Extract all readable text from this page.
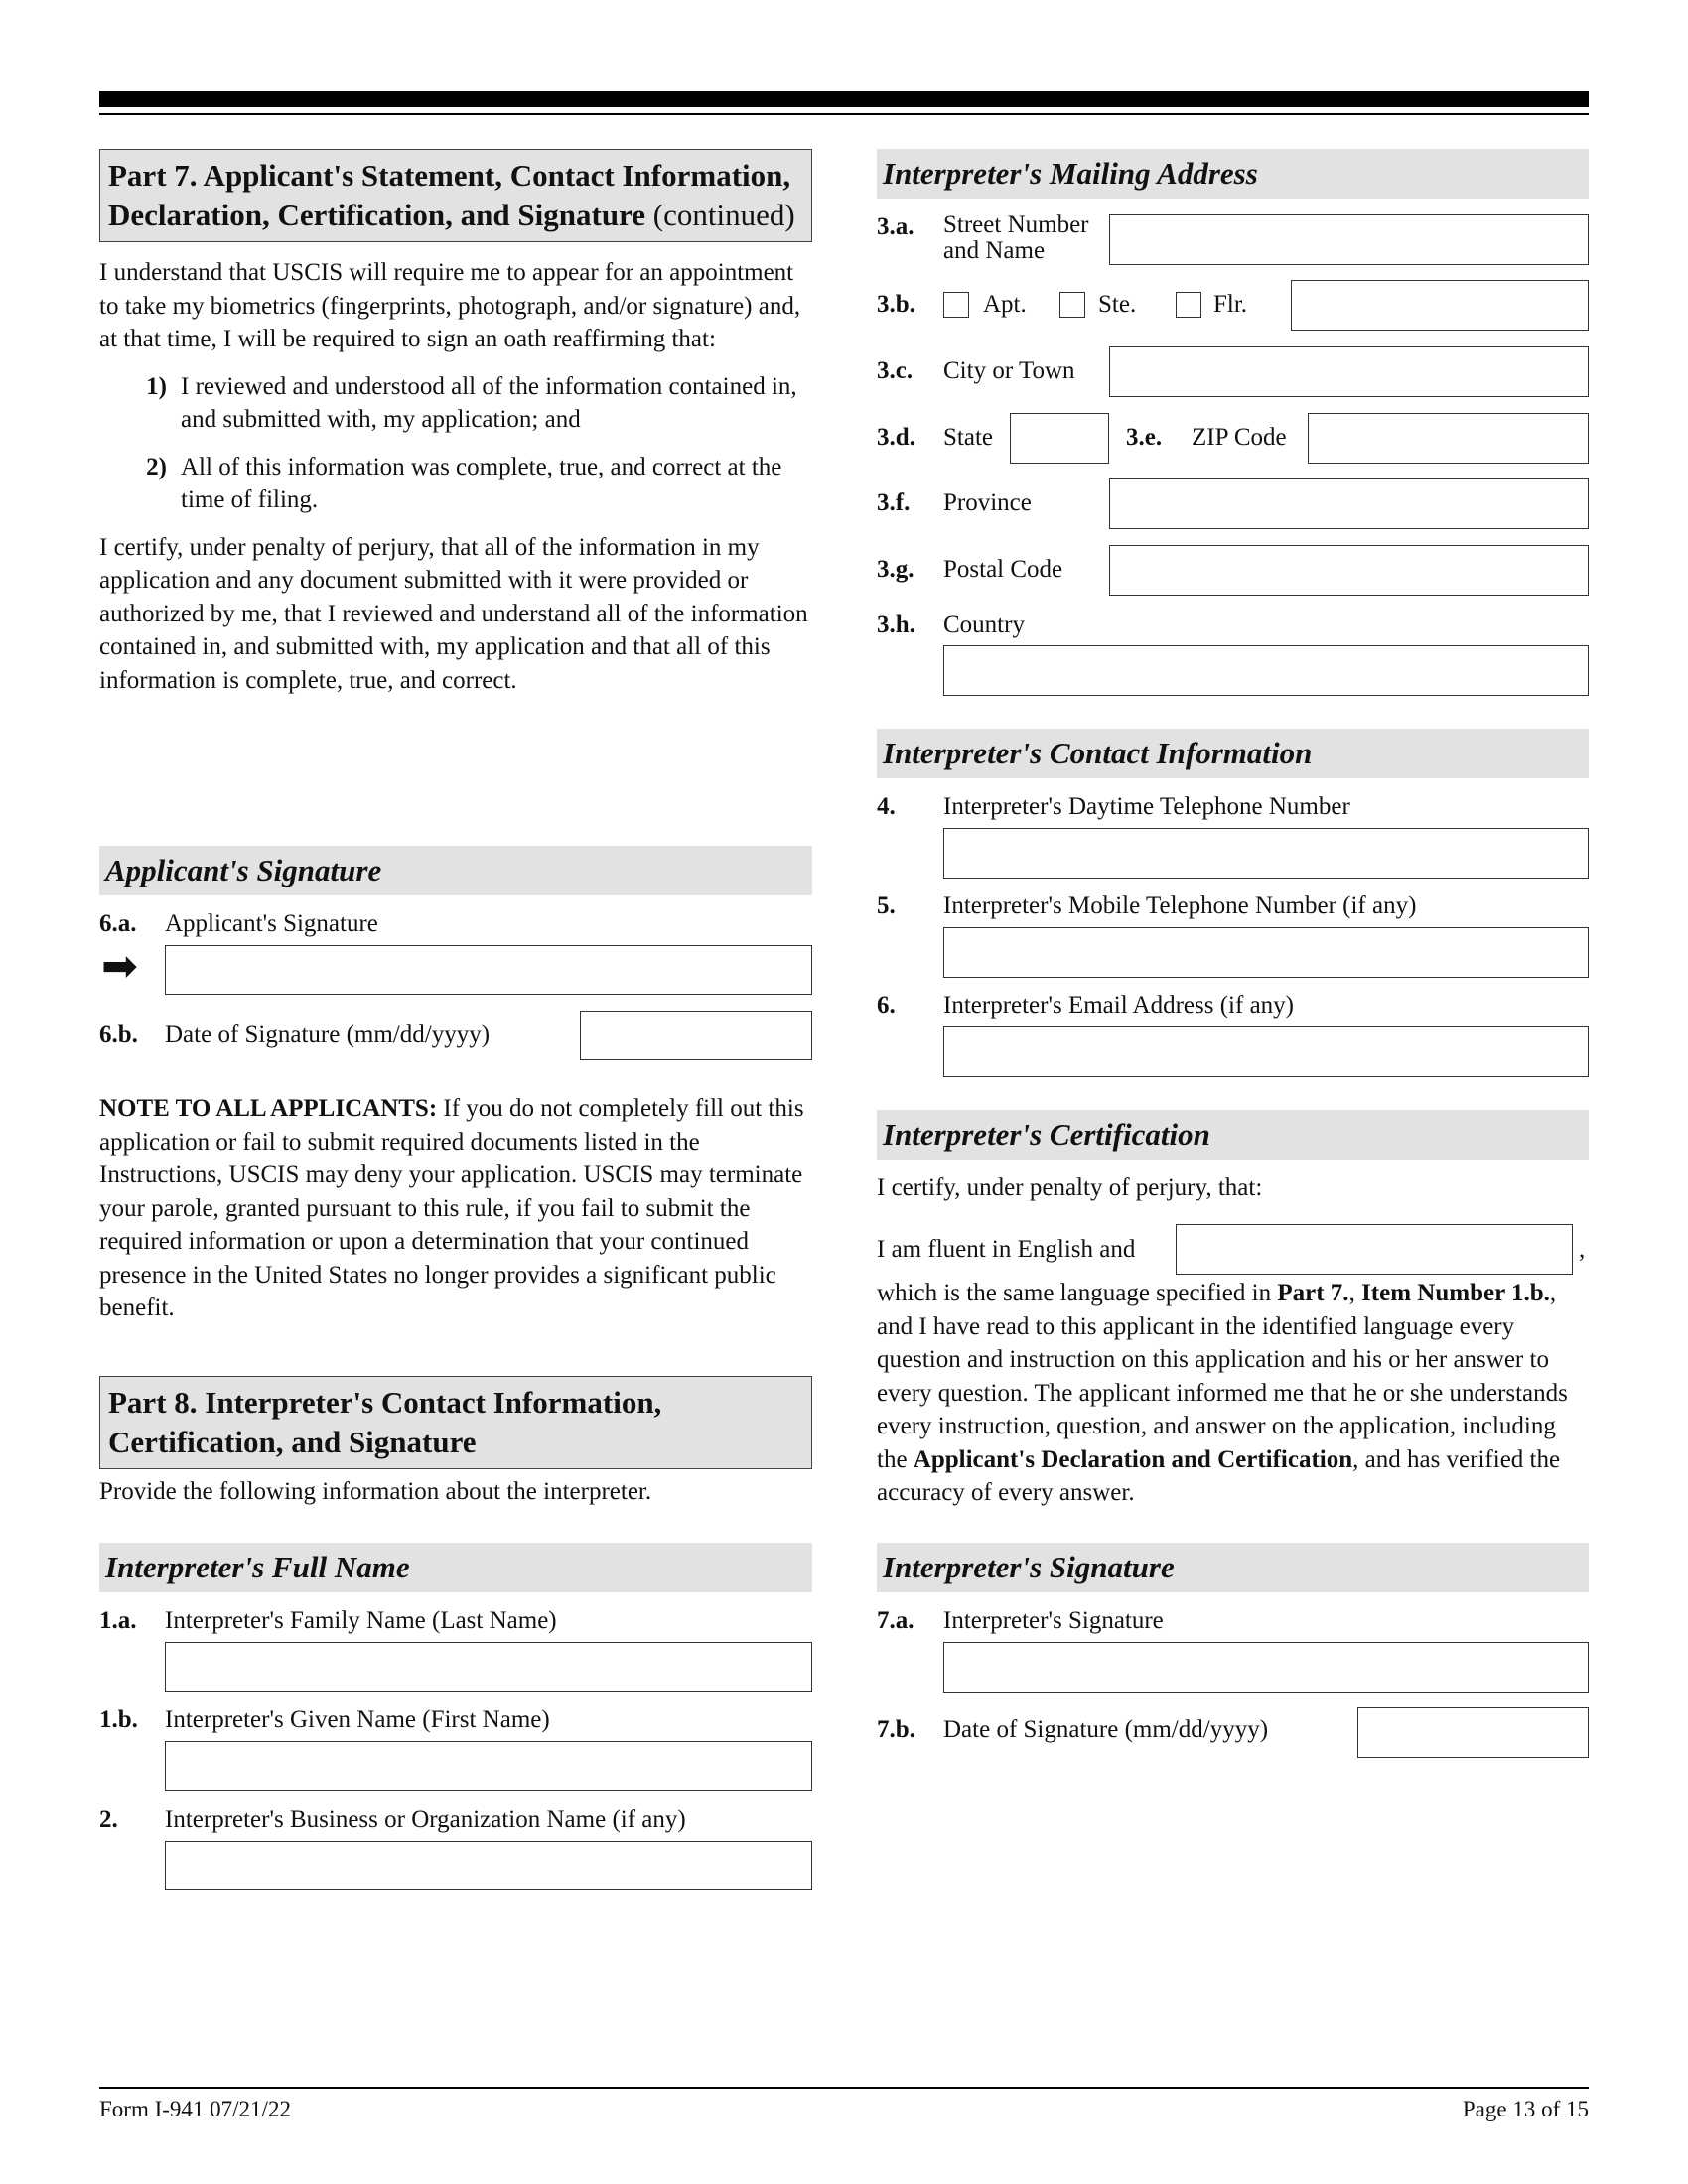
Part 7. Applicant's Statement, Contact Information, Declaration, Certification, and Signature (continued)

I understand that USCIS will require me to appear for an appointment to take my biometrics (fingerprints, photograph, and/or signature) and, at that time, I will be required to sign an oath reaffirming that:

1) I reviewed and understood all of the information contained in, and submitted with, my application; and
2) All of this information was complete, true, and correct at the time of filing.

I certify, under penalty of perjury, that all of the information in my application and any document submitted with it were provided or authorized by me, that I reviewed and understand all of the information contained in, and submitted with, my application and that all of this information is complete, true, and correct.

Applicant's Signature
6.a. Applicant's Signature
➡
6.b. Date of Signature (mm/dd/yyyy)

NOTE TO ALL APPLICANTS: If you do not completely fill out this application or fail to submit required documents listed in the Instructions, USCIS may deny your application. USCIS may terminate your parole, granted pursuant to this rule, if you fail to submit the required information or upon a determination that your continued presence in the United States no longer provides a significant public benefit.

Part 8. Interpreter's Contact Information, Certification, and Signature

Provide the following information about the interpreter.

Interpreter's Full Name
1.a. Interpreter's Family Name (Last Name)
1.b. Interpreter's Given Name (First Name)
2. Interpreter's Business or Organization Name (if any)
Interpreter's Mailing Address
3.a. Street Number
and Name
3.b.	Apt.	Ste.	Flr.
3.c. City or Town
3.d. State	3.e. ZIP Code
3.f. Province
3.g. Postal Code
3.h. Country
Interpreter's Contact Information
4. Interpreter's Daytime Telephone Number
5. Interpreter's Mobile Telephone Number (if any)
6. Interpreter's Email Address (if any)
Interpreter's Certification
I certify, under penalty of perjury, that:
I am fluent in English and	,

which is the same language specified in Part 7., Item Number 1.b., and I have read to this applicant in the identified language every question and instruction on this application and his or her answer to every question. The applicant informed me that he or she understands every instruction, question, and answer on the application, including the Applicant's Declaration and Certification, and has verified the accuracy of every answer.

Interpreter's Signature
7.a. Interpreter's Signature
7.b. Date of Signature (mm/dd/yyyy)
Form I-941 07/21/22	Page 13 of 15
